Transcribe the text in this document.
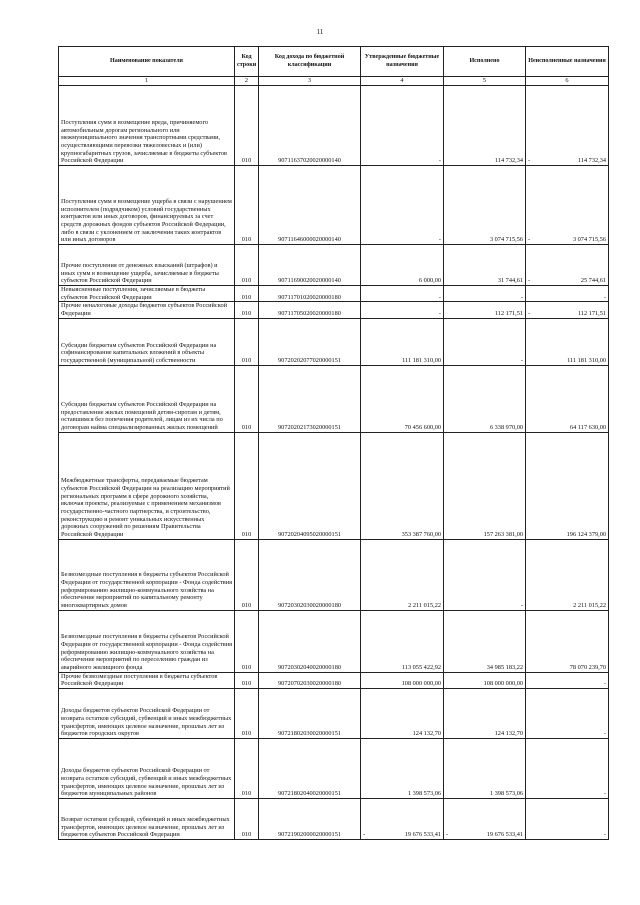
11
Наименование показателя	Код строки	Код дохода по бюджетной классификации	Утвержденные бюджетные назначения	Исполнено	Неисполненные назначения
1	2	3	4	5	6
Поступления сумм в возмещение вреда, причиняемого автомобильным дорогам регионального или межмуниципального значения транспортными средствами, осуществляющими перевозки тяжеловесных и (или) крупногабаритных грузов, зачисляемые в бюджеты субъектов Российской Федерации	010	90711637020020000140	-	114 732,34	- 114 732,34
Поступления сумм в возмещение ущерба в связи с нарушением исполнителем (подрядчиком) условий государственных контрактов или иных договоров, финансируемых за счет средств дорожных фондов субъектов Российской Федерации, либо в связи с уклонением от заключения таких контрактов или иных договоров	010	90711646000020000140	-	3 074 715,56	- 3 074 715,56
Прочие поступления от денежных взысканий (штрафов) и иных сумм в возмещение ущерба, зачисляемые в бюджеты субъектов Российской Федерации	010	90711690020020000140	6 000,00	31 744,61	- 25 744,61
Невыясненные поступления, зачисляемые в бюджеты субъектов Российской Федерации	010	90711701020020000180	-	-	-
Прочие неналоговые доходы бюджетов субъектов Российской Федерации	010	90711705020020000180	-	112 171,51	- 112 171,51
Субсидии бюджетам субъектов Российской Федерации на софинансирование капитальных вложений в объекты государственной (муниципальной) собственности	010	90720202077020000151	111 181 310,00	-	111 181 310,00
Субсидии бюджетам субъектов Российской Федерации на предоставление жилых помещений детям-сиротам и детям, оставшимся без попечения родителей, лицам из их числа по договорам найма специализированных жилых помещений	010	90720202173020000151	70 456 600,00	6 338 970,00	64 117 630,00
Межбюджетные трансферты, передаваемые бюджетам субъектов Российской Федерации на реализацию мероприятий региональных программ в сфере дорожного хозяйства, включая проекты, реализуемые с применением механизмов государственно-частного партнерства, и строительство, реконструкцию и ремонт уникальных искусственных дорожных сооружений по решениям Правительства Российской Федерации	010	90720204095020000151	353 387 760,00	157 263 381,00	196 124 379,00
Безвозмездные поступления в бюджеты субъектов Российской Федерации от государственной корпорации - Фонда содействия реформированию жилищно-коммунального хозяйства на обеспечение мероприятий по капитальному ремонту многоквартирных домов	010	90720302030020000180	2 211 015,22	-	2 211 015,22
Безвозмездные поступления в бюджеты субъектов Российской Федерации от государственной корпорации - Фонда содействия реформированию жилищно-коммунального хозяйства на обеспечение мероприятий по переселению граждан из аварийного жилищного фонда	010	90720302040020000180	113 055 422,92	34 985 183,22	78 070 239,70
Прочие безвозмездные поступления в бюджеты субъектов Российской Федерации	010	90720702030020000180	108 000 000,00	108 000 000,00	-
Доходы бюджетов субъектов Российской Федерации от возврата остатков субсидий, субвенций и иных межбюджетных трансфертов, имеющих целевое назначение, прошлых лет из бюджетов городских округов	010	90721802030020000151	124 132,70	124 132,70	-
Доходы бюджетов субъектов Российской Федерации от возврата остатков субсидий, субвенций и иных межбюджетных трансфертов, имеющих целевое назначение, прошлых лет из бюджетов муниципальных районов	010	90721802040020000151	1 398 573,06	1 398 573,06	-
Возврат остатков субсидий, субвенций и иных межбюджетных трансфертов, имеющих целевое назначение, прошлых лет из бюджетов субъектов Российской Федерации	010	90721902000020000151	- 19 676 533,41	- 19 676 533,41	-
